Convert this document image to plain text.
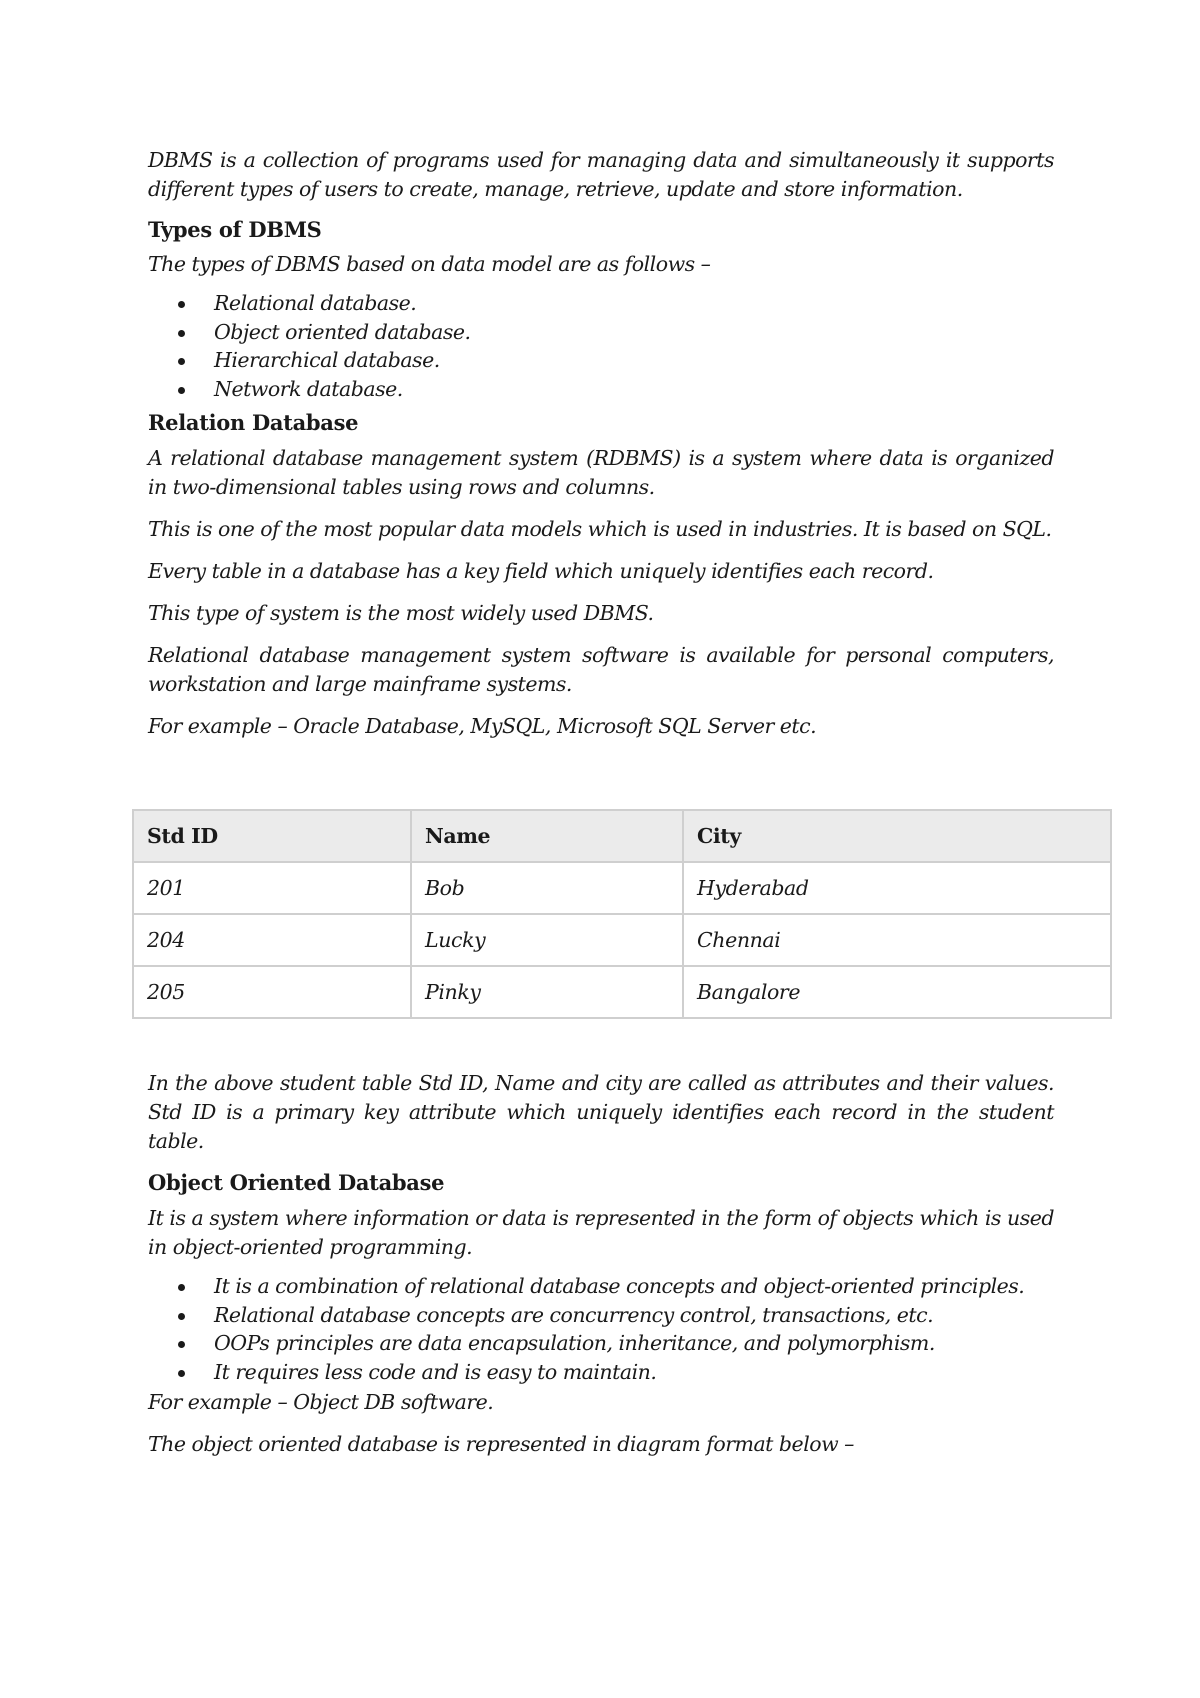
DBMS is a collection of programs used for managing data and simultaneously it supports different types of users to create, manage, retrieve, update and store information.

Types of DBMS

The types of DBMS based on data model are as follows –

Relational database.
Object oriented database.
Hierarchical database.
Network database.
Relation Database

A relational database management system (RDBMS) is a system where data is organized in two-dimensional tables using rows and columns.

This is one of the most popular data models which is used in industries. It is based on SQL.

Every table in a database has a key field which uniquely identifies each record.

This type of system is the most widely used DBMS.

Relational database management system software is available for personal computers, workstation and large mainframe systems.

For example – Oracle Database, MySQL, Microsoft SQL Server etc.

Std ID	Name	City
201	Bob	Hyderabad
204	Lucky	Chennai
205	Pinky	Bangalore

In the above student table Std ID, Name and city are called as attributes and their values. Std ID is a primary key attribute which uniquely identifies each record in the student table.

Object Oriented Database

It is a system where information or data is represented in the form of objects which is used in object-oriented programming.

It is a combination of relational database concepts and object-oriented principles.
Relational database concepts are concurrency control, transactions, etc.
OOPs principles are data encapsulation, inheritance, and polymorphism.
It requires less code and is easy to maintain.

For example – Object DB software.

The object oriented database is represented in diagram format below –
